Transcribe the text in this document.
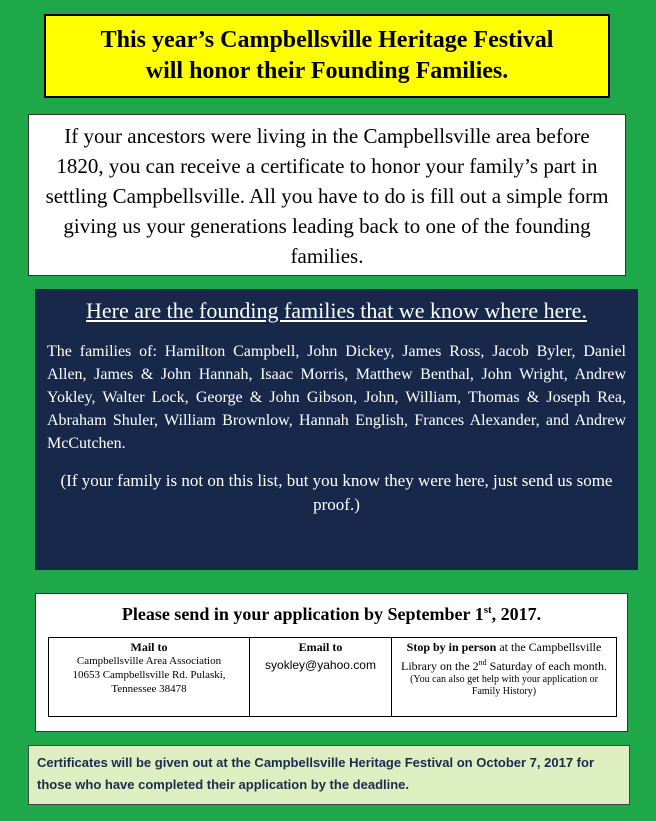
This year’s Campbellsville Heritage Festival
will honor their Founding Families.
If your ancestors were living in the Campbellsville area before 1820, you can receive a certificate to honor your family’s part in settling Campbellsville. All you have to do is fill out a simple form giving us your generations leading back to one of the founding families.
Here are the founding families that we know where here.
The families of: Hamilton Campbell, John Dickey, James Ross, Jacob Byler, Daniel Allen, James & John Hannah, Isaac Morris, Matthew Benthal, John Wright, Andrew Yokley, Walter Lock, George & John Gibson, John, William, Thomas & Joseph Rea, Abraham Shuler, William Brownlow, Hannah English, Frances Alexander, and Andrew McCutchen.
(If your family is not on this list, but you know they were here, just send us some proof.)
Please send in your application by September 1st, 2017.
Mail to
Campbellsville Area Association
10653 Campbellsville Rd. Pulaski,
Tennessee 38478

Email to
syokley@yahoo.com

Stop by in person at the Campbellsville Library on the 2nd Saturday of each month.
(You can also get help with your application or Family History)
Certificates will be given out at the Campbellsville Heritage Festival on October 7, 2017 for those who have completed their application by the deadline.
